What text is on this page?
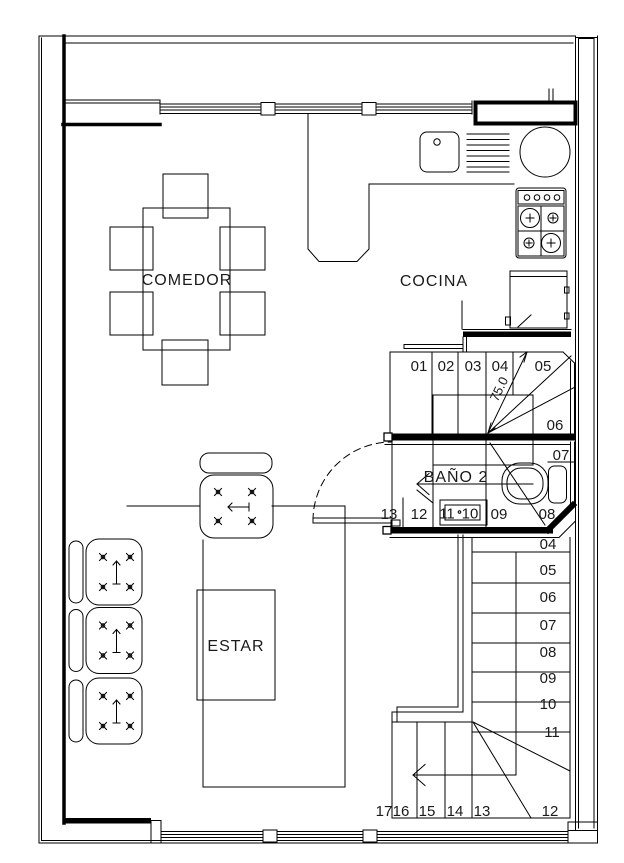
COMEDOR	COCINA
BAÑO 2
ESTAR
75.0
01 02 03 04 05
06
07
08
09
10
11
12
13
04
05
06
07
08
09
10
11
12
13
14
15
16
17
